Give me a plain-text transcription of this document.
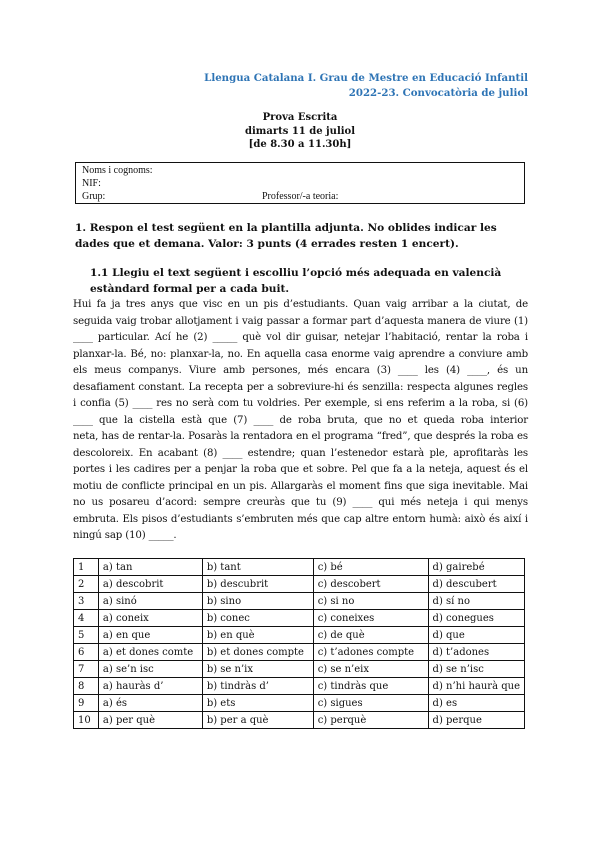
Llengua Catalana I. Grau de Mestre en Educació Infantil
2022-23. Convocatòria de juliol
Prova Escrita
dimarts 11 de juliol
[de 8.30 a 11.30h]
Noms i cognoms:
NIF:
Grup:	Professor/-a teoria:
1. Respon el test següent en la plantilla adjunta. No oblides indicar les dades que et demana. Valor: 3 punts (4 errades resten 1 encert).
1.1 Llegiu el text següent i escolliu l’opció més adequada en valencià estàndard formal per a cada buit.
Hui fa ja tres anys que visc en un pis d’estudiants. Quan vaig arribar a la ciutat, de
seguida vaig trobar allotjament i vaig passar a formar part d’aquesta manera de viure (1)
____ particular. Ací he (2) _____ què vol dir guisar, netejar l’habitació, rentar la roba i
planxar-la. Bé, no: planxar-la, no. En aquella casa enorme vaig aprendre a conviure amb
els meus companys. Viure amb persones, més encara (3) ____ les (4) ____, és un
desafiament constant. La recepta per a sobreviure-hi és senzilla: respecta algunes regles
i confia (5) ____ res no serà com tu voldries. Per exemple, si ens referim a la roba, si (6)
____ que la cistella està que (7) ____ de roba bruta, que no et queda roba interior
neta, has de rentar-la. Posaràs la rentadora en el programa “fred”, que després la roba es
descoloreix. En acabant (8) ____ estendre; quan l’estenedor estarà ple, aprofitaràs les
portes i les cadires per a penjar la roba que et sobre. Pel que fa a la neteja, aquest és el
motiu de conflicte principal en un pis. Allargaràs el moment fins que siga inevitable. Mai
no us posareu d’acord: sempre creuràs que tu (9) ____ qui més neteja i qui menys
embruta. Els pisos d’estudiants s’embruten més que cap altre entorn humà: això és així i
ningú sap (10) _____.
1	a) tan	b) tant	c) bé	d) gairebé
2	a) descobrit	b) descubrit	c) descobert	d) descubert
3	a) sinó	b) sino	c) si no	d) sí no
4	a) coneix	b) conec	c) coneixes	d) conegues
5	a) en que	b) en què	c) de què	d) que
6	a) et dones comte	b) et dones compte	c) t’adones compte	d) t’adones
7	a) se’n isc	b) se n’ix	c) se n’eix	d) se n’isc
8	a) hauràs d’	b) tindràs d’	c) tindràs que	d) n’hi haurà que
9	a) és	b) ets	c) sigues	d) es
10	a) per què	b) per a què	c) perquè	d) perque
